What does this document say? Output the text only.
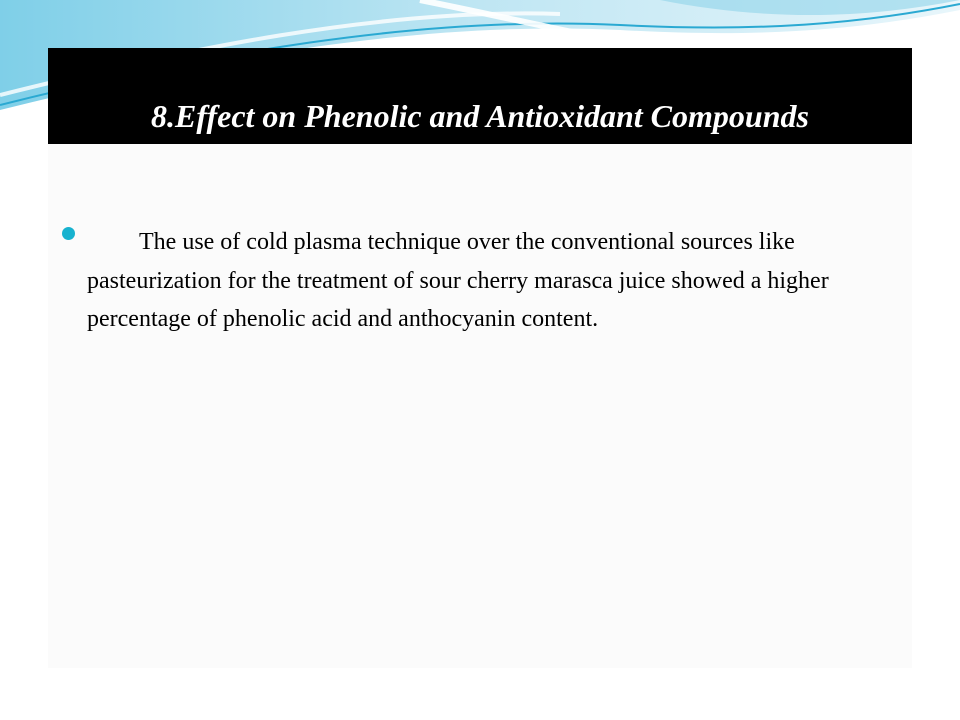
8.Effect on Phenolic and Antioxidant Compounds

The use of cold plasma technique over the conventional sources like pasteurization for the treatment of sour cherry marasca juice showed a higher percentage of phenolic acid and anthocyanin content.
